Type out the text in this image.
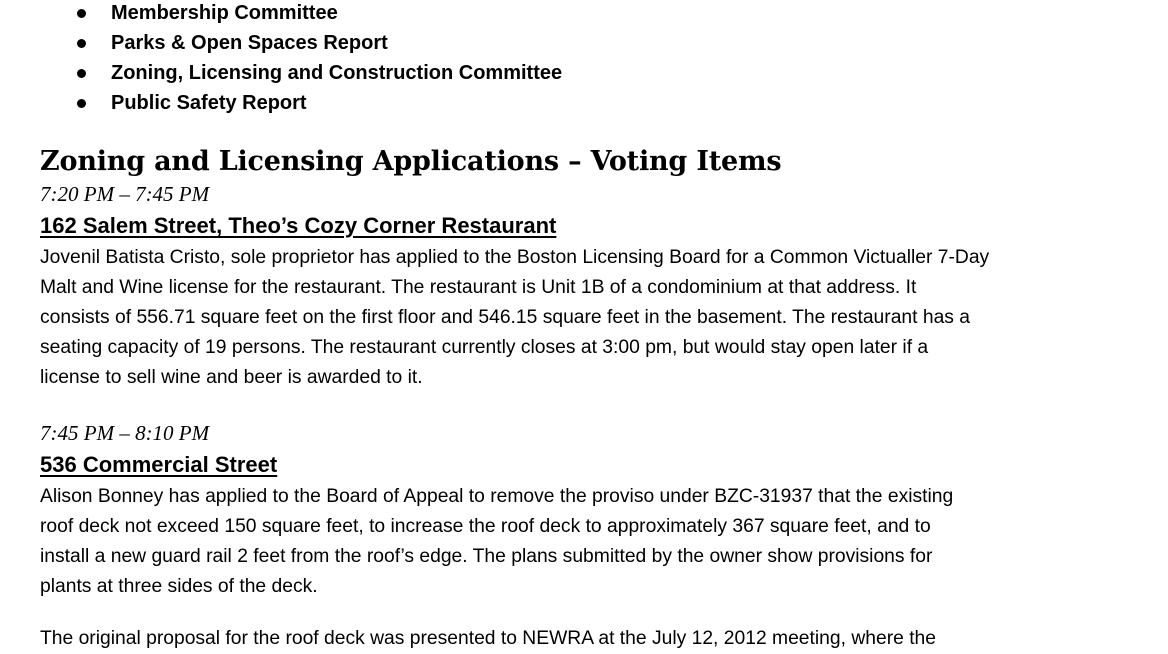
Membership Committee
Parks & Open Spaces Report
Zoning, Licensing and Construction Committee
Public Safety Report
Zoning and Licensing Applications – Voting Items
7:20 PM – 7:45 PM
162 Salem Street, Theo’s Cozy Corner Restaurant
Jovenil Batista Cristo, sole proprietor has applied to the Boston Licensing Board for a Common Victualler 7-Day
Malt and Wine license for the restaurant. The restaurant is Unit 1B of a condominium at that address. It
consists of 556.71 square feet on the first floor and 546.15 square feet in the basement. The restaurant has a
seating capacity of 19 persons. The restaurant currently closes at 3:00 pm, but would stay open later if a
license to sell wine and beer is awarded to it.
7:45 PM – 8:10 PM
536 Commercial Street
Alison Bonney has applied to the Board of Appeal to remove the proviso under BZC-31937 that the existing
roof deck not exceed 150 square feet, to increase the roof deck to approximately 367 square feet, and to
install a new guard rail 2 feet from the roof’s edge. The plans submitted by the owner show provisions for
plants at three sides of the deck.
The original proposal for the roof deck was presented to NEWRA at the July 12, 2012 meeting, where the
